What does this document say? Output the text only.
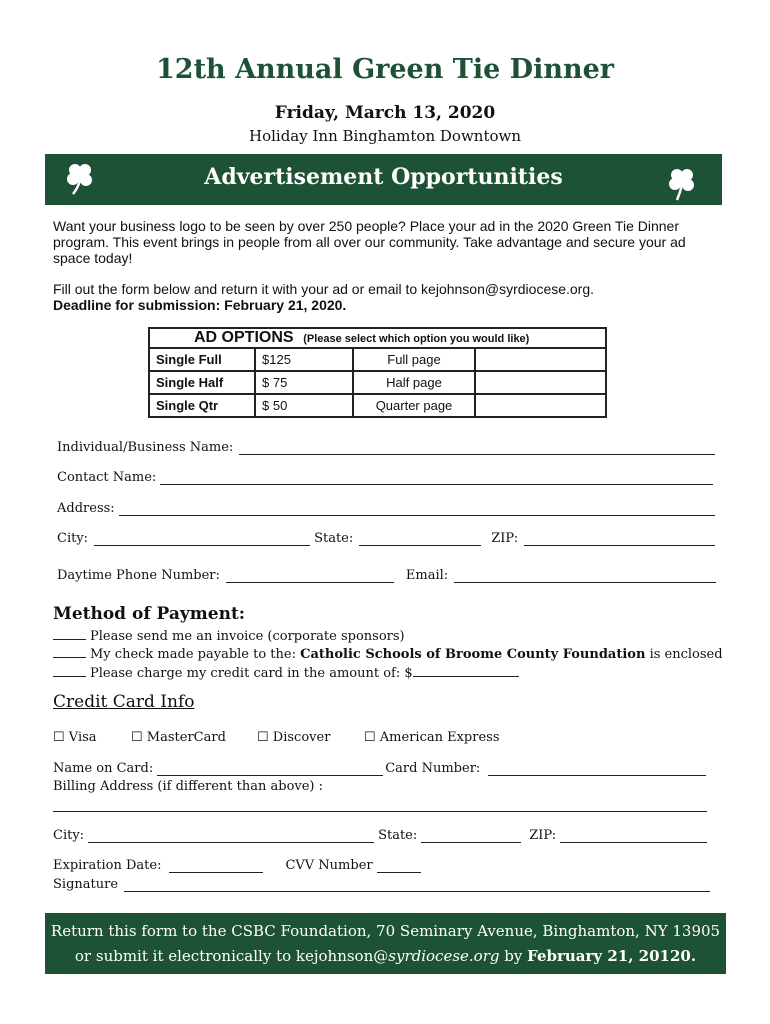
12th Annual Green Tie Dinner
Friday, March 13, 2020
Holiday Inn Binghamton Downtown
Advertisement Opportunities
Want your business logo to be seen by over 250 people? Place your ad in the 2020 Green Tie Dinner program. This event brings in people from all over our community. Take advantage and secure your ad space today!
Fill out the form below and return it with your ad or email to kejohnson@syrdiocese.org.
Deadline for submission: February 21, 2020.
AD OPTIONS (Please select which option you would like)			
Single Full	$125	Full page	
Single Half	$ 75	Half page	
Single Qtr	$ 50	Quarter page	
Individual/Business Name:
Contact Name:
Address:
City:	State:	ZIP:
Daytime Phone Number:	Email:
Method of Payment:
Please send me an invoice (corporate sponsors)
My check made payable to the: Catholic Schools of Broome County Foundation is enclosed
Please charge my credit card in the amount of: $
Credit Card Info
☐ Visa	☐ MasterCard ☐ Discover	☐ American Express
Name on Card:	Card Number:
Billing Address (if different than above) :
City:	State:	ZIP:
Expiration Date:	CVV Number
Signature
Return this form to the CSBC Foundation, 70 Seminary Avenue, Binghamton, NY 13905
or submit it electronically to kejohnson@syrdiocese.org by February 21, 20120.
